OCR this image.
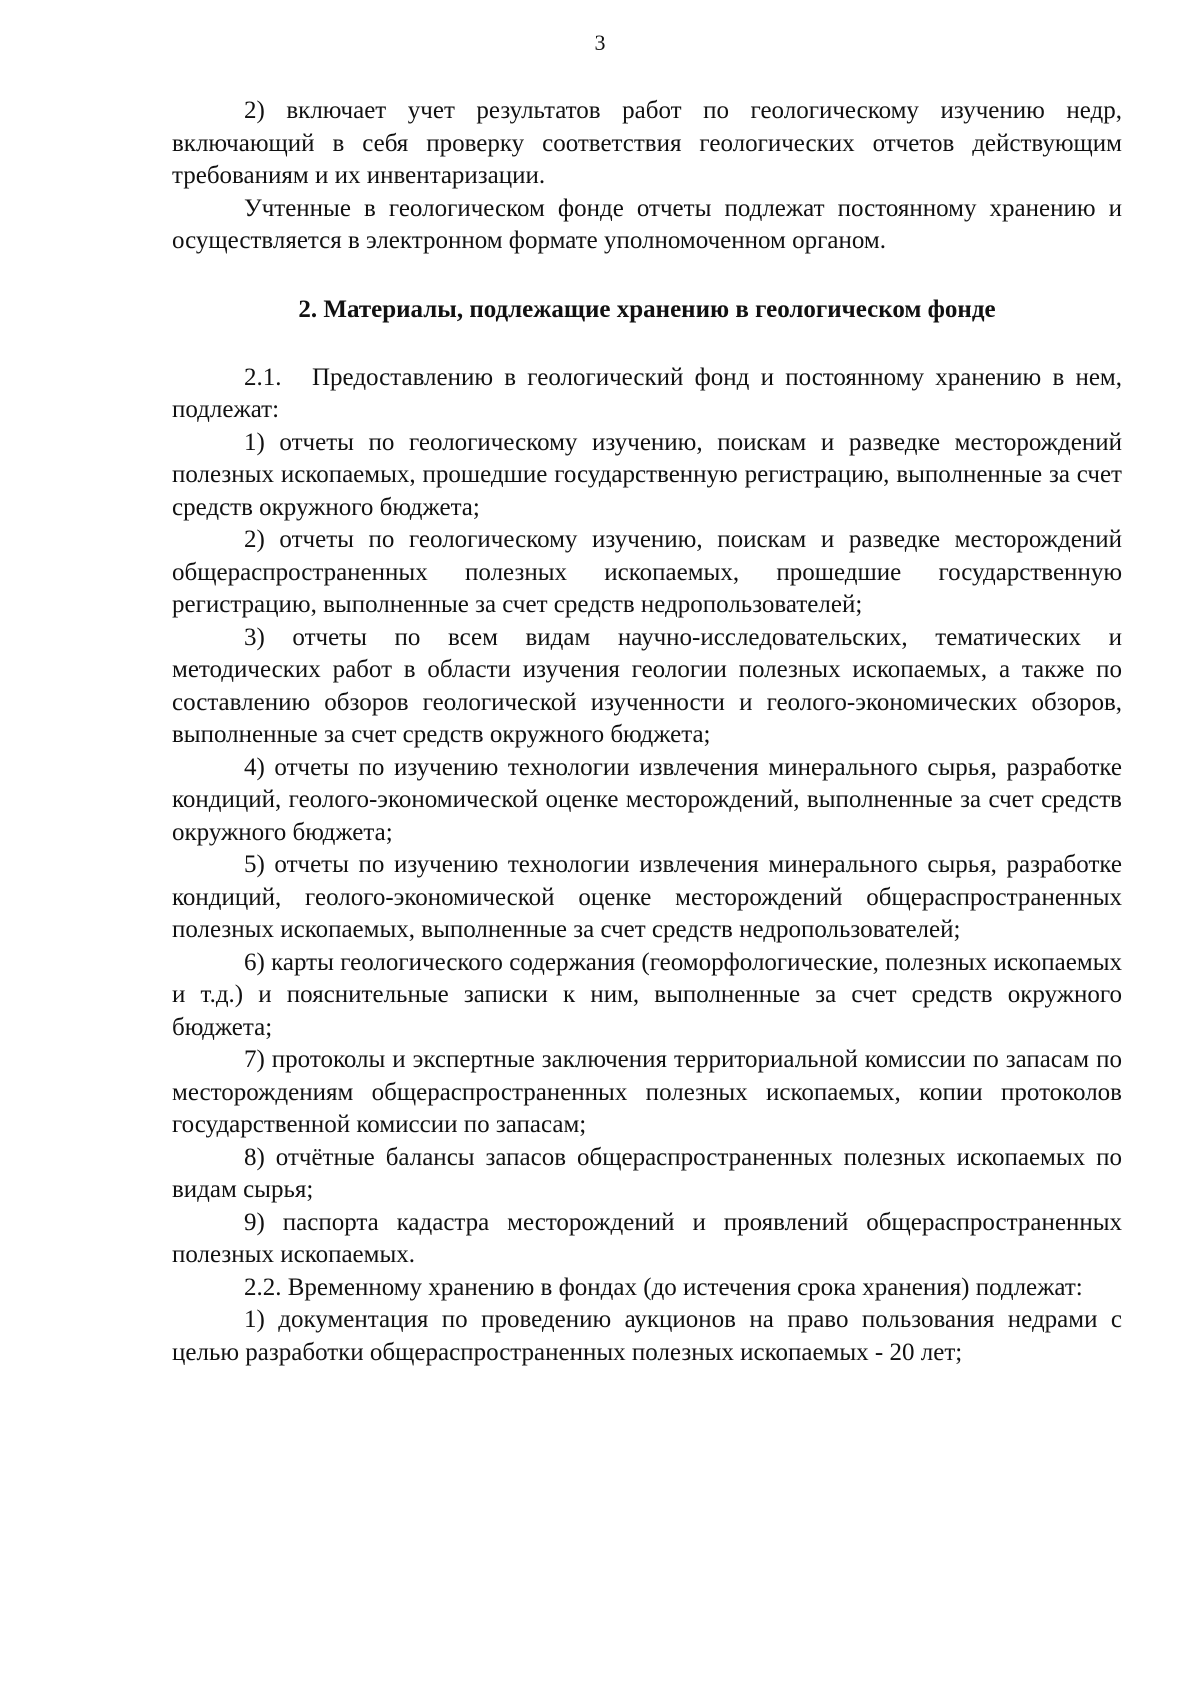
3

2) включает учет результатов работ по геологическому изучению недр, включающий в себя проверку соответствия геологических отчетов действующим требованиям и их инвентаризации.

Учтенные в геологическом фонде отчеты подлежат постоянному хранению и осуществляется в электронном формате уполномоченном органом.

2. Материалы, подлежащие хранению в геологическом фонде

2.1. Предоставлению в геологический фонд и постоянному хранению в нем, подлежат:

1) отчеты по геологическому изучению, поискам и разведке месторождений полезных ископаемых, прошедшие государственную регистрацию, выполненные за счет средств окружного бюджета;

2) отчеты по геологическому изучению, поискам и разведке месторождений общераспространенных полезных ископаемых, прошедшие государственную регистрацию, выполненные за счет средств недропользователей;

3) отчеты по всем видам научно-исследовательских, тематических и методических работ в области изучения геологии полезных ископаемых, а также по составлению обзоров геологической изученности и геолого-экономических обзоров, выполненные за счет средств окружного бюджета;

4) отчеты по изучению технологии извлечения минерального сырья, разработке кондиций, геолого-экономической оценке месторождений, выполненные за счет средств окружного бюджета;

5) отчеты по изучению технологии извлечения минерального сырья, разработке кондиций, геолого-экономической оценке месторождений общераспространенных полезных ископаемых, выполненные за счет средств недропользователей;

6) карты геологического содержания (геоморфологические, полезных ископаемых и т.д.) и пояснительные записки к ним, выполненные за счет средств окружного бюджета;

7) протоколы и экспертные заключения территориальной комиссии по запасам по месторождениям общераспространенных полезных ископаемых, копии протоколов государственной комиссии по запасам;

8) отчётные балансы запасов общераспространенных полезных ископаемых по видам сырья;

9) паспорта кадастра месторождений и проявлений общераспространенных полезных ископаемых.

2.2. Временному хранению в фондах (до истечения срока хранения) подлежат:

1) документация по проведению аукционов на право пользования недрами с целью разработки общераспространенных полезных ископаемых - 20 лет;
